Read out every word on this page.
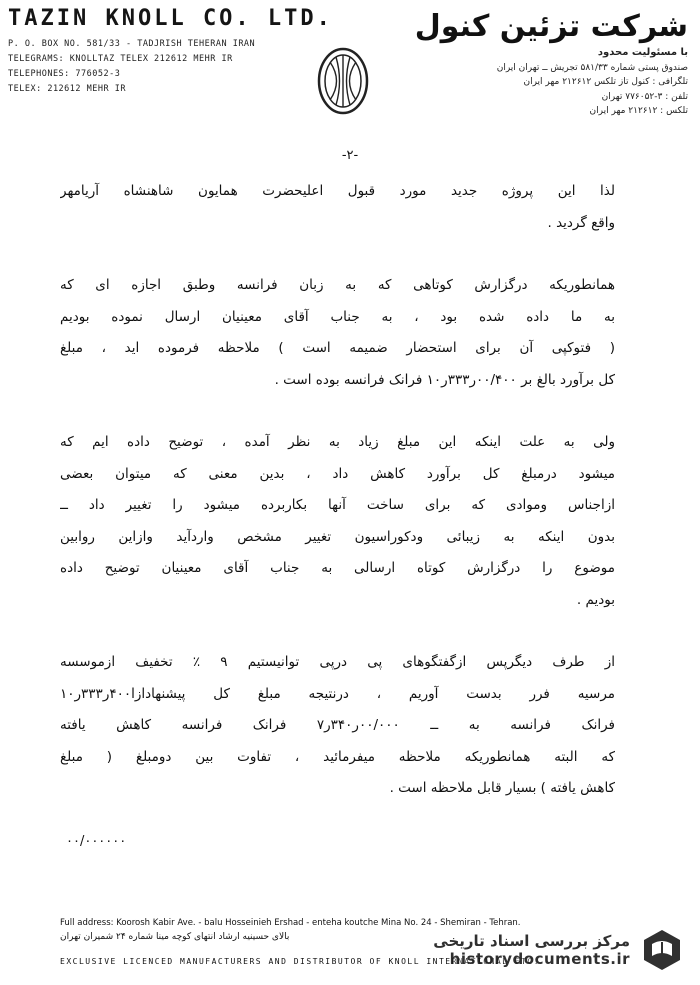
TAZIN KNOLL CO. LTD.
P. O. BOX NO. 581/33 - TADJRISH TEHERAN IRAN
TELEGRAMS: KNOLLTAZ TELEX 212612 MEHR IR
TELEPHONES: 776052-3
TELEX: 212612 MEHR IR
شرکت تزئین کنول
با مسئولیت محدود
صندوق پستی شماره ۵۸۱/۳۳ تجریش ــ تهران ایران
تلگرافی : کنول تاز تلکس ۲۱۲۶۱۲ مهر ایران
تلفن : ۳-۷۷۶۰۵۲ تهران
تلکس : ۲۱۲۶۱۲ مهر ایران
-۲-
لذا این پروژه جدید مورد قبول اعلیحضرت همایون شاهنشاه آریامهر
واقع گردید .
همانطوریکه درگزارش کوتاهی که به زبان فرانسه وطبق اجازه ای که
به ما داده شده بود ، به جناب آقای معینیان ارسال نموده بودیم
( فتوکپی آن برای استحضار ضمیمه است ) ملاحظه فرموده اید ، مبلغ
کل برآورد بالغ بر ۰۰/۴۰۰ر۳۳۳ر۱۰ فرانک فرانسه بوده است .
ولی به علت اینکه این مبلغ زیاد به نظر آمده ، توضیح داده ایم که
میشود درمبلغ کل برآورد کاهش داد ، بدین معنی که میتوان بعضی
ازاجناس وموادی که برای ساخت آنها بکاربرده میشود را تغییر داد ــ
بدون اینکه به زیبائی ودکوراسیون تغییر مشخص واردآید وازاین روابین
موضوع را درگزارش کوتاه ارسالی به جناب آقای معینیان توضیح داده
بودیم .
از طرف دیگرپس ازگفتگوهای پی درپی توانیستیم ۹ ٪ تخفیف ازموسسه
مرسیه فرر بدست آوریم ، درنتیجه مبلغ کل پیشنهادازا۴۰۰ر۳۳۳ر۱۰
فرانک فرانسه به ــ ۰۰/۰۰۰ر۳۴۰ر۷ فرانک فرانسه کاهش یافته
که البته همانطوریکه ملاحظه میفرمائید ، تفاوت بین دومبلغ ( مبلغ
کاهش یافته ) بسیار قابل ملاحظه است .
۰۰/۰۰۰۰۰۰
Full address: Koorosh Kabir Ave. - balu Hosseinieh Ershad - enteha koutche Mina No. 24 - Shemiran - Tehran.
بالای حسینیه ارشاد انتهای کوچه مینا شماره ۲۴ شمیران تهران
EXCLUSIVE LICENCED MANUFACTURERS AND DISTRIBUTOR OF KNOLL INTERNATIONAL ETC.
مرکز بررسی اسناد تاریخی
historydocuments.ir
